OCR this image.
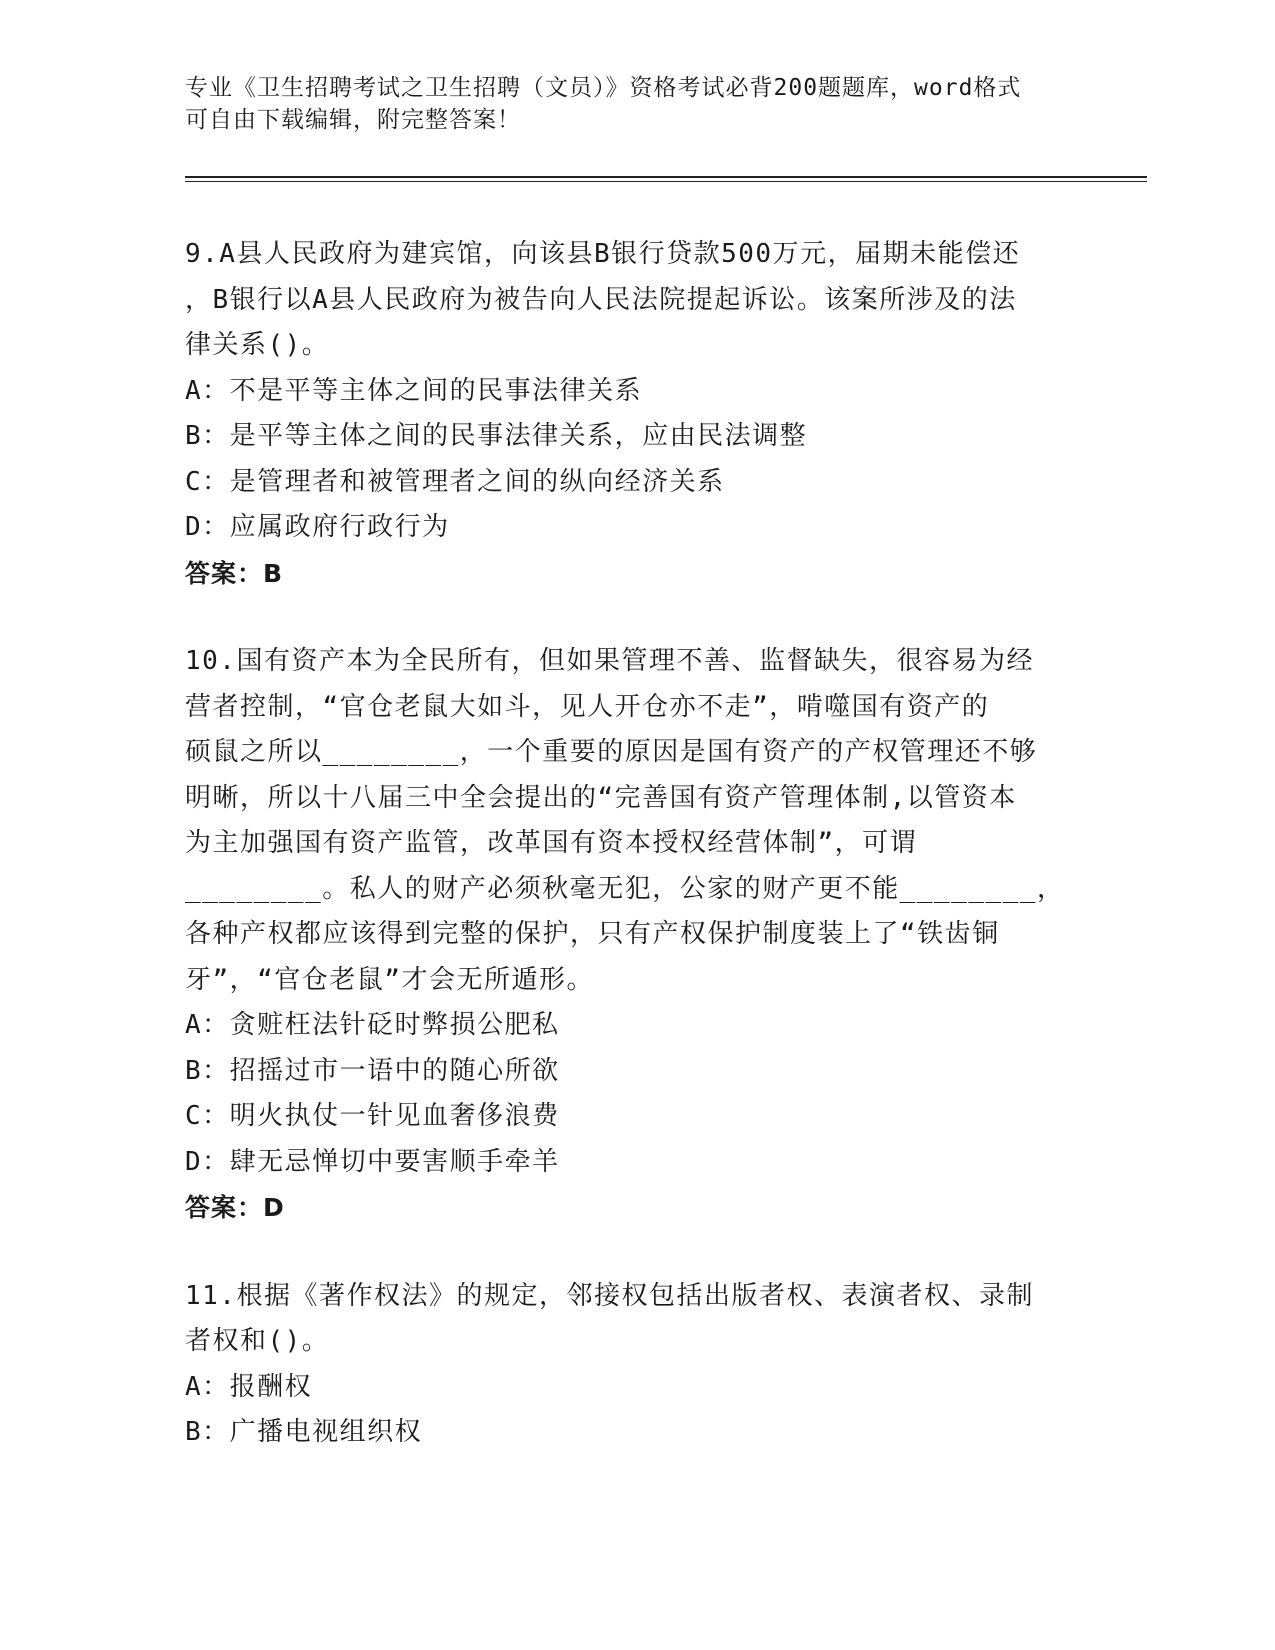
专业《卫生招聘考试之卫生招聘（文员）》资格考试必背200题题库，word格式
可自由下载编辑，附完整答案！

9.A县人民政府为建宾馆，向该县B银行贷款500万元，届期未能偿还

，B银行以A县人民政府为被告向人民法院提起诉讼。该案所涉及的法

律关系()。

A：不是平等主体之间的民事法律关系

B：是平等主体之间的民事法律关系，应由民法调整

C：是管理者和被管理者之间的纵向经济关系

D：应属政府行政行为

答案：B

10.国有资产本为全民所有，但如果管理不善、监督缺失，很容易为经

营者控制，“官仓老鼠大如斗，见人开仓亦不走”，啃噬国有资产的

硕鼠之所以________，一个重要的原因是国有资产的产权管理还不够

明晰，所以十八届三中全会提出的“完善国有资产管理体制,以管资本

为主加强国有资产监管，改革国有资本授权经营体制”，可谓

________。私人的财产必须秋毫无犯，公家的财产更不能________，

各种产权都应该得到完整的保护，只有产权保护制度装上了“铁齿铜

牙”，“官仓老鼠”才会无所遁形。

A：贪赃枉法针砭时弊损公肥私

B：招摇过市一语中的随心所欲

C：明火执仗一针见血奢侈浪费

D：肆无忌惮切中要害顺手牵羊

答案：D

11.根据《著作权法》的规定，邻接权包括出版者权、表演者权、录制

者权和()。

A：报酬权

B：广播电视组织权
